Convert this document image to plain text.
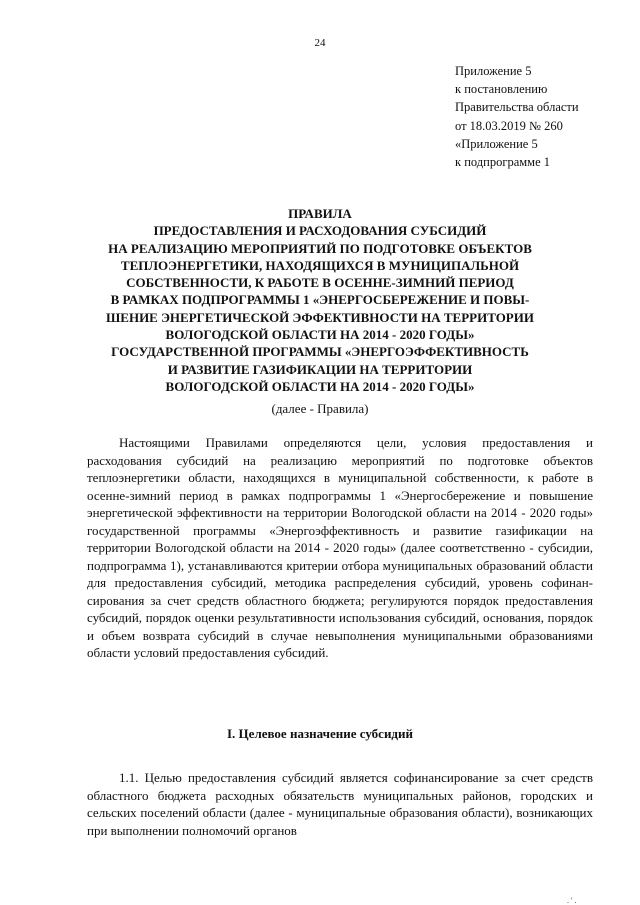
24
Приложение 5
к постановлению
Правительства области
от 18.03.2019 № 260
«Приложение 5
к подпрограмме 1
ПРАВИЛА
ПРЕДОСТАВЛЕНИЯ И РАСХОДОВАНИЯ СУБСИДИЙ
НА РЕАЛИЗАЦИЮ МЕРОПРИЯТИЙ ПО ПОДГОТОВКЕ ОБЪЕКТОВ
ТЕПЛОЭНЕРГЕТИКИ, НАХОДЯЩИХСЯ В МУНИЦИПАЛЬНОЙ
СОБСТВЕННОСТИ, К РАБОТЕ В ОСЕННЕ-ЗИМНИЙ ПЕРИОД
В РАМКАХ ПОДПРОГРАММЫ 1 «ЭНЕРГОСБЕРЕЖЕНИЕ И ПОВЫ-
ШЕНИЕ ЭНЕРГЕТИЧЕСКОЙ ЭФФЕКТИВНОСТИ НА ТЕРРИТОРИИ
ВОЛОГОДСКОЙ ОБЛАСТИ НА 2014 - 2020 ГОДЫ»
ГОСУДАРСТВЕННОЙ ПРОГРАММЫ «ЭНЕРГОЭФФЕКТИВНОСТЬ
И РАЗВИТИЕ ГАЗИФИКАЦИИ НА ТЕРРИТОРИИ
ВОЛОГОДСКОЙ ОБЛАСТИ НА 2014 - 2020 ГОДЫ»
(далее - Правила)

Настоящими Правилами определяются цели, условия предоставления и расходования субсидий на реализацию мероприятий по подготовке объектов теплоэнергетики области, находящихся в муниципальной собственности, к работе в осенне-зимний период в рамках подпрограммы 1 «Энергосбережение и повышение энергетической эффективности на территории Вологодской области на 2014 - 2020 годы» государственной программы «Энергоэффективность и развитие газификации на территории Вологодской области на 2014 - 2020 годы» (далее соответственно - субсидии, подпрограмма 1), устанавливаются критерии отбора муниципальных образований области для предоставления субсидий, методика распределения субсидий, уровень софинансирования за счет средств областного бюджета; регулируются порядок предоставления субсидий, порядок оценки результативности использования субсидий, основания, порядок и объем возврата субсидий в случае невыполнения муниципальными образованиями области условий предоставления субсидий.

I. Целевое назначение субсидий

1.1. Целью предоставления субсидий является софинансирование за счет средств областного бюджета расходных обязательств муниципальных районов, городских и сельских поселений области (далее - муниципальные образования области), возникающих при выполнении полномочий органов

. ' .
